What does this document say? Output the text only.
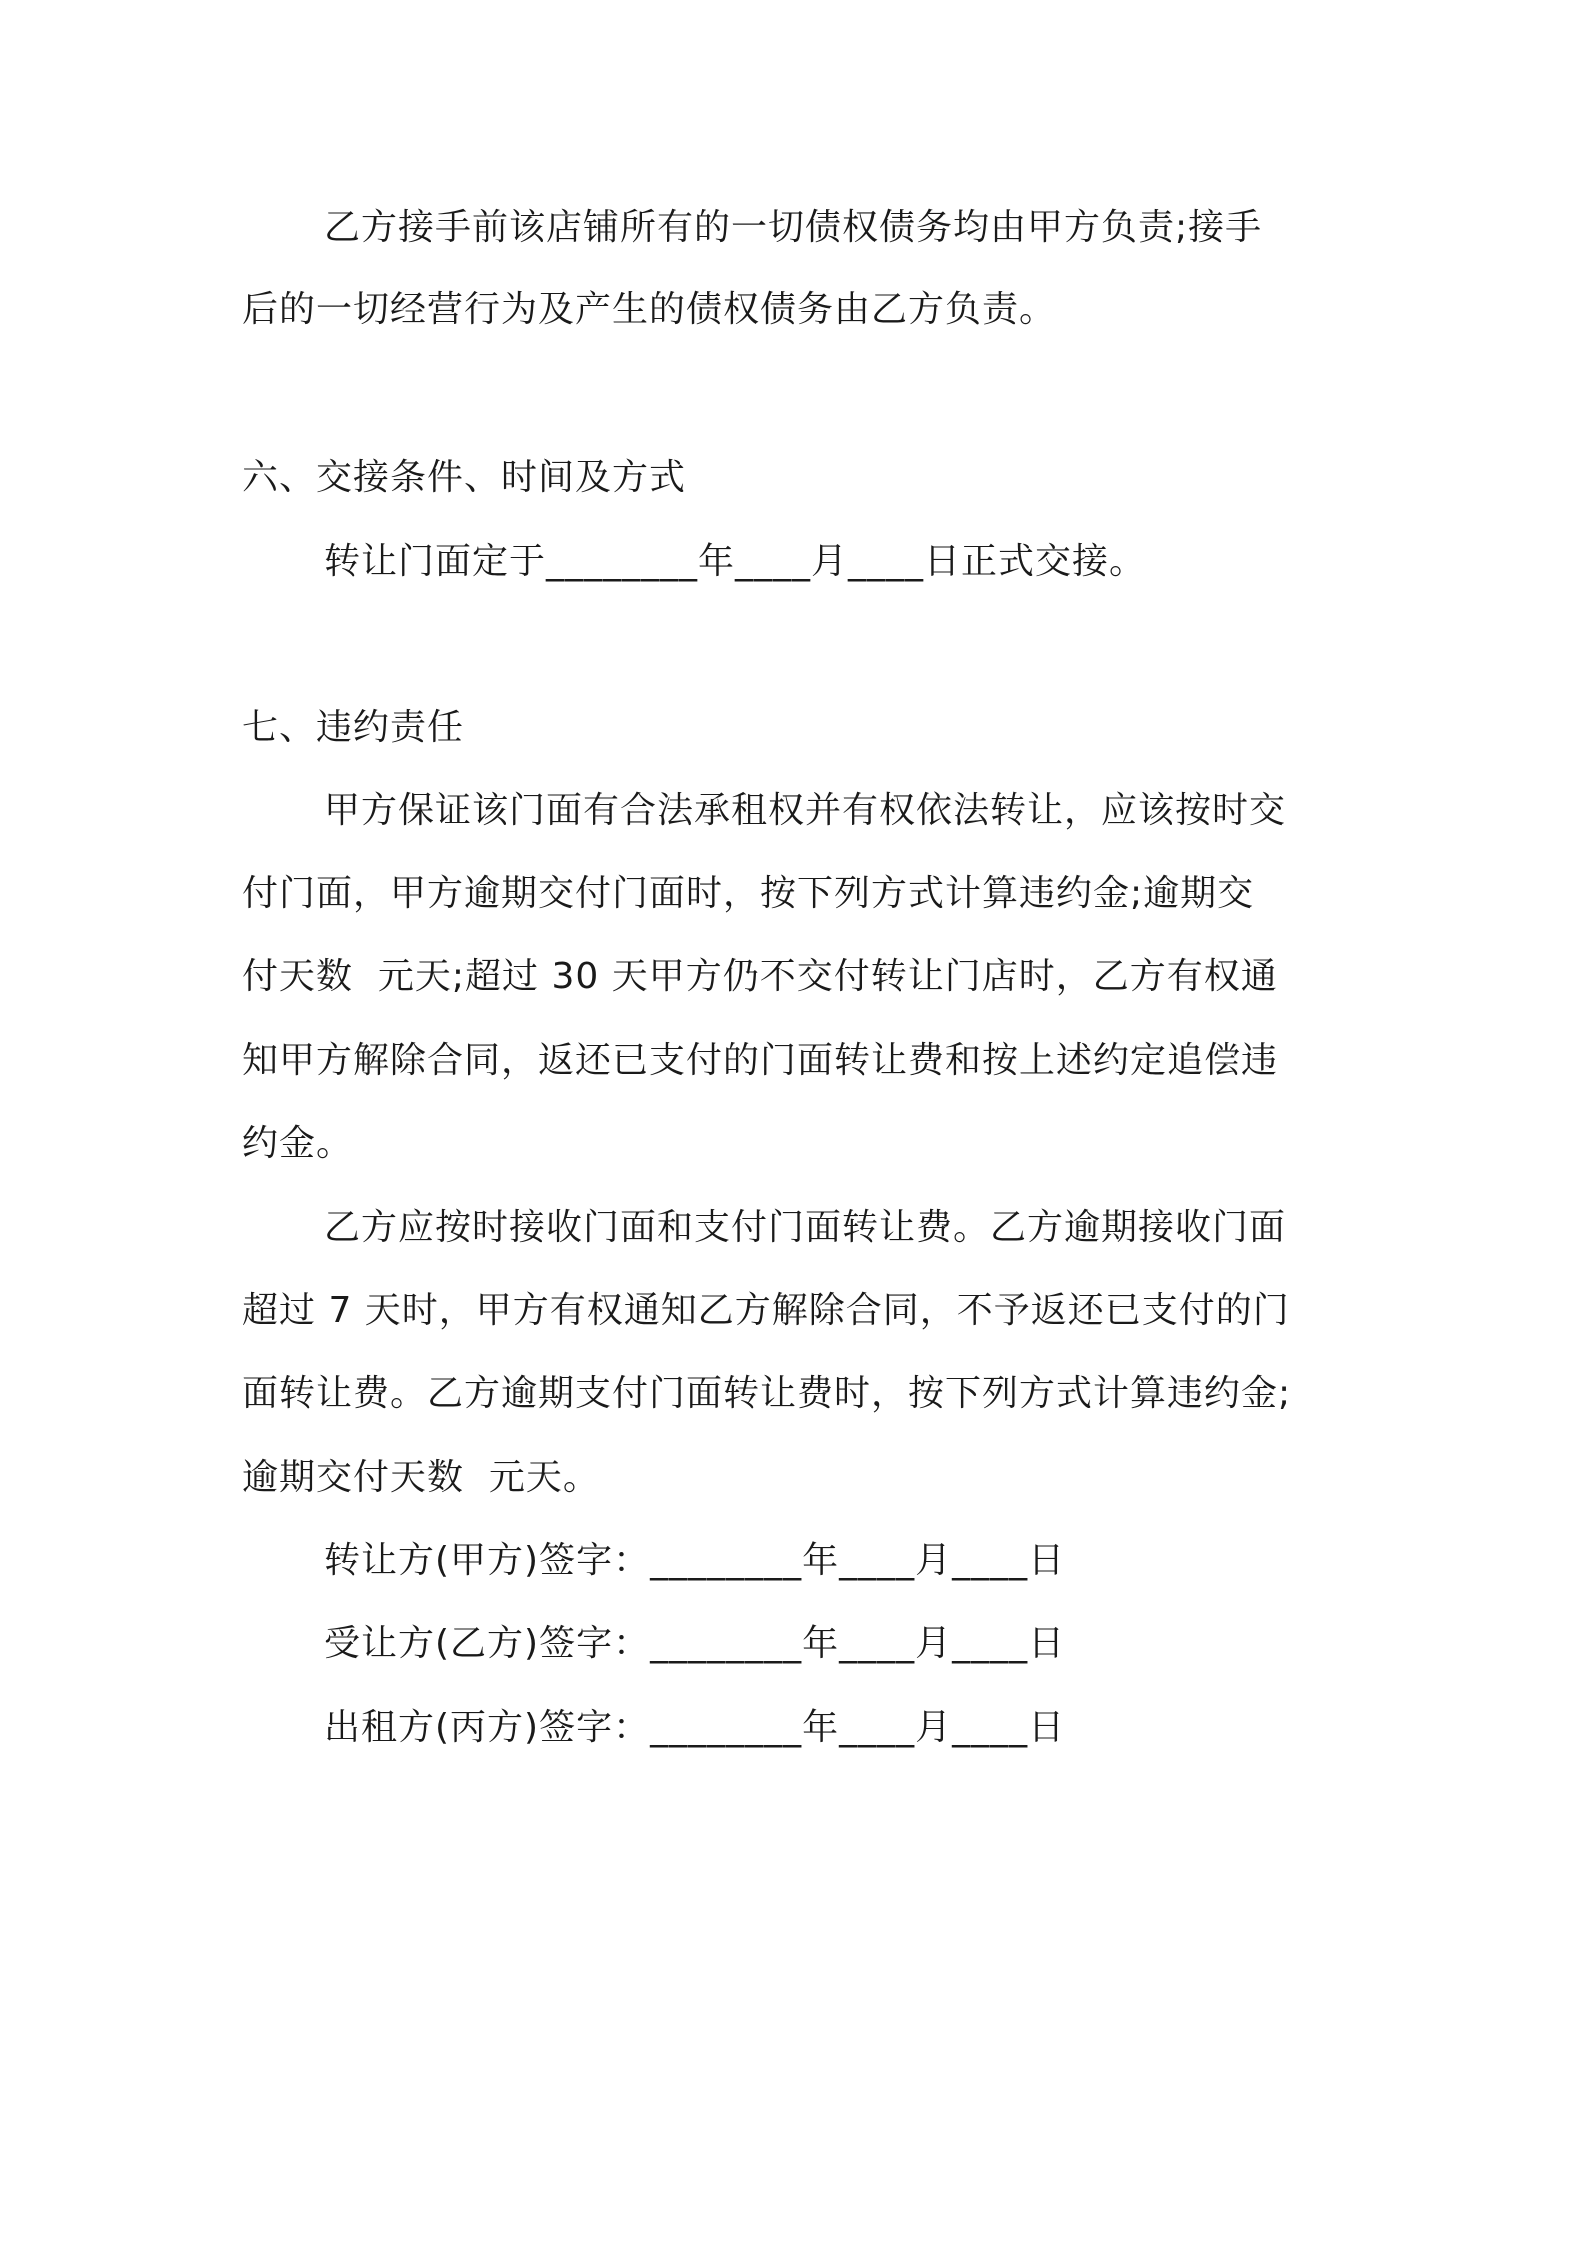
乙方接手前该店铺所有的一切债权债务均由甲方负责;接手
后的一切经营行为及产生的债权债务由乙方负责。
六、交接条件、时间及方式
转让门面定于________年____月____日正式交接。
七、违约责任
甲方保证该门面有合法承租权并有权依法转让，应该按时交
付门面，甲方逾期交付门面时，按下列方式计算违约金;逾期交
付天数  元天;超过 30 天甲方仍不交付转让门店时，乙方有权通
知甲方解除合同，返还已支付的门面转让费和按上述约定追偿违
约金。
乙方应按时接收门面和支付门面转让费。乙方逾期接收门面
超过 7 天时，甲方有权通知乙方解除合同，不予返还已支付的门
面转让费。乙方逾期支付门面转让费时，按下列方式计算违约金;
逾期交付天数  元天。
转让方(甲方)签字：________年____月____日
受让方(乙方)签字：________年____月____日
出租方(丙方)签字：________年____月____日
